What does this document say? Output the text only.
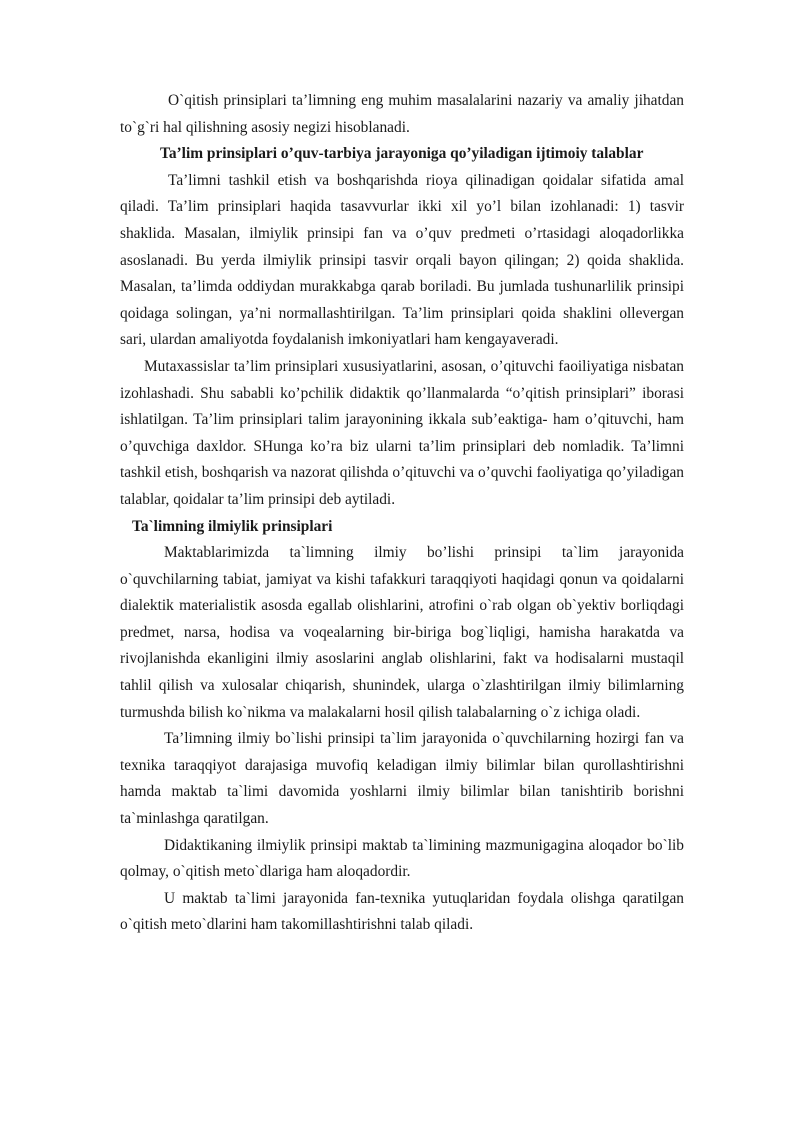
O`qitish prinsiplari ta’limning eng muhim masalalarini nazariy va amaliy jihatdan to`g`ri hal qilishning asosiy negizi hisoblanadi.

Ta’lim prinsiplari o’quv-tarbiya jarayoniga qo’yiladigan ijtimoiy talablar

Ta’limni tashkil etish va boshqarishda rioya qilinadigan qoidalar sifatida amal qiladi. Ta’lim prinsiplari haqida tasavvurlar ikki xil yo’l bilan izohlanadi: 1) tasvir shaklida. Masalan, ilmiylik prinsipi fan va o’quv predmeti o’rtasidagi aloqadorlikka asoslanadi. Bu yerda ilmiylik prinsipi tasvir orqali bayon qilingan; 2) qoida shaklida. Masalan, ta’limda oddiydan murakkabga qarab boriladi. Bu jumlada tushunarlilik prinsipi qoidaga solingan, ya’ni normallashtirilgan. Ta’lim prinsiplari qoida shaklini ollevergan sari, ulardan amaliyotda foydalanish imkoniyatlari ham kengayaveradi.

Mutaxassislar ta’lim prinsiplari xususiyatlarini, asosan, o’qituvchi faoiliyatiga nisbatan izohlashadi. Shu sababli ko’pchilik didaktik qo’llanmalarda “o’qitish prinsiplari” iborasi ishlatilgan. Ta’lim prinsiplari talim jarayonining ikkala sub’eaktiga- ham o’qituvchi, ham o’quvchiga daxldor. SHunga ko’ra biz ularni ta’lim prinsiplari deb nomladik. Ta’limni tashkil etish, boshqarish va nazorat qilishda o’qituvchi va o’quvchi faoliyatiga qo’yiladigan talablar, qoidalar ta’lim prinsipi deb aytiladi.

Ta`limning ilmiylik prinsiplari

Maktablarimizda ta`limning ilmiy bo’lishi prinsipi ta`lim jarayonida o`quvchilarning tabiat, jamiyat va kishi tafakkuri taraqqiyoti haqidagi qonun va qoidalarni dialektik materialistik asosda egallab olishlarini, atrofini o`rab olgan ob`yektiv borliqdagi predmet, narsa, hodisa va voqealarning bir-biriga bog`liqligi, hamisha harakatda va rivojlanishda ekanligini ilmiy asoslarini anglab olishlarini, fakt va hodisalarni mustaqil tahlil qilish va xulosalar chiqarish, shunindek, ularga o`zlashtirilgan ilmiy bilimlarning turmushda bilish ko`nikma va malakalarni hosil qilish talabalarning o`z ichiga oladi.

Ta’limning ilmiy bo`lishi prinsipi ta`lim jarayonida o`quvchilarning hozirgi fan va texnika taraqqiyot darajasiga muvofiq keladigan ilmiy bilimlar bilan qurollashtirishni hamda maktab ta`limi davomida yoshlarni ilmiy bilimlar bilan tanishtirib borishni ta`minlashga qaratilgan.

Didaktikaning ilmiylik prinsipi maktab ta`limining mazmunigagina aloqador bo`lib qolmay, o`qitish meto`dlariga ham aloqadordir.

U maktab ta`limi jarayonida fan-texnika yutuqlaridan foydala olishga qaratilgan o`qitish meto`dlarini ham takomillashtirishni talab qiladi.
